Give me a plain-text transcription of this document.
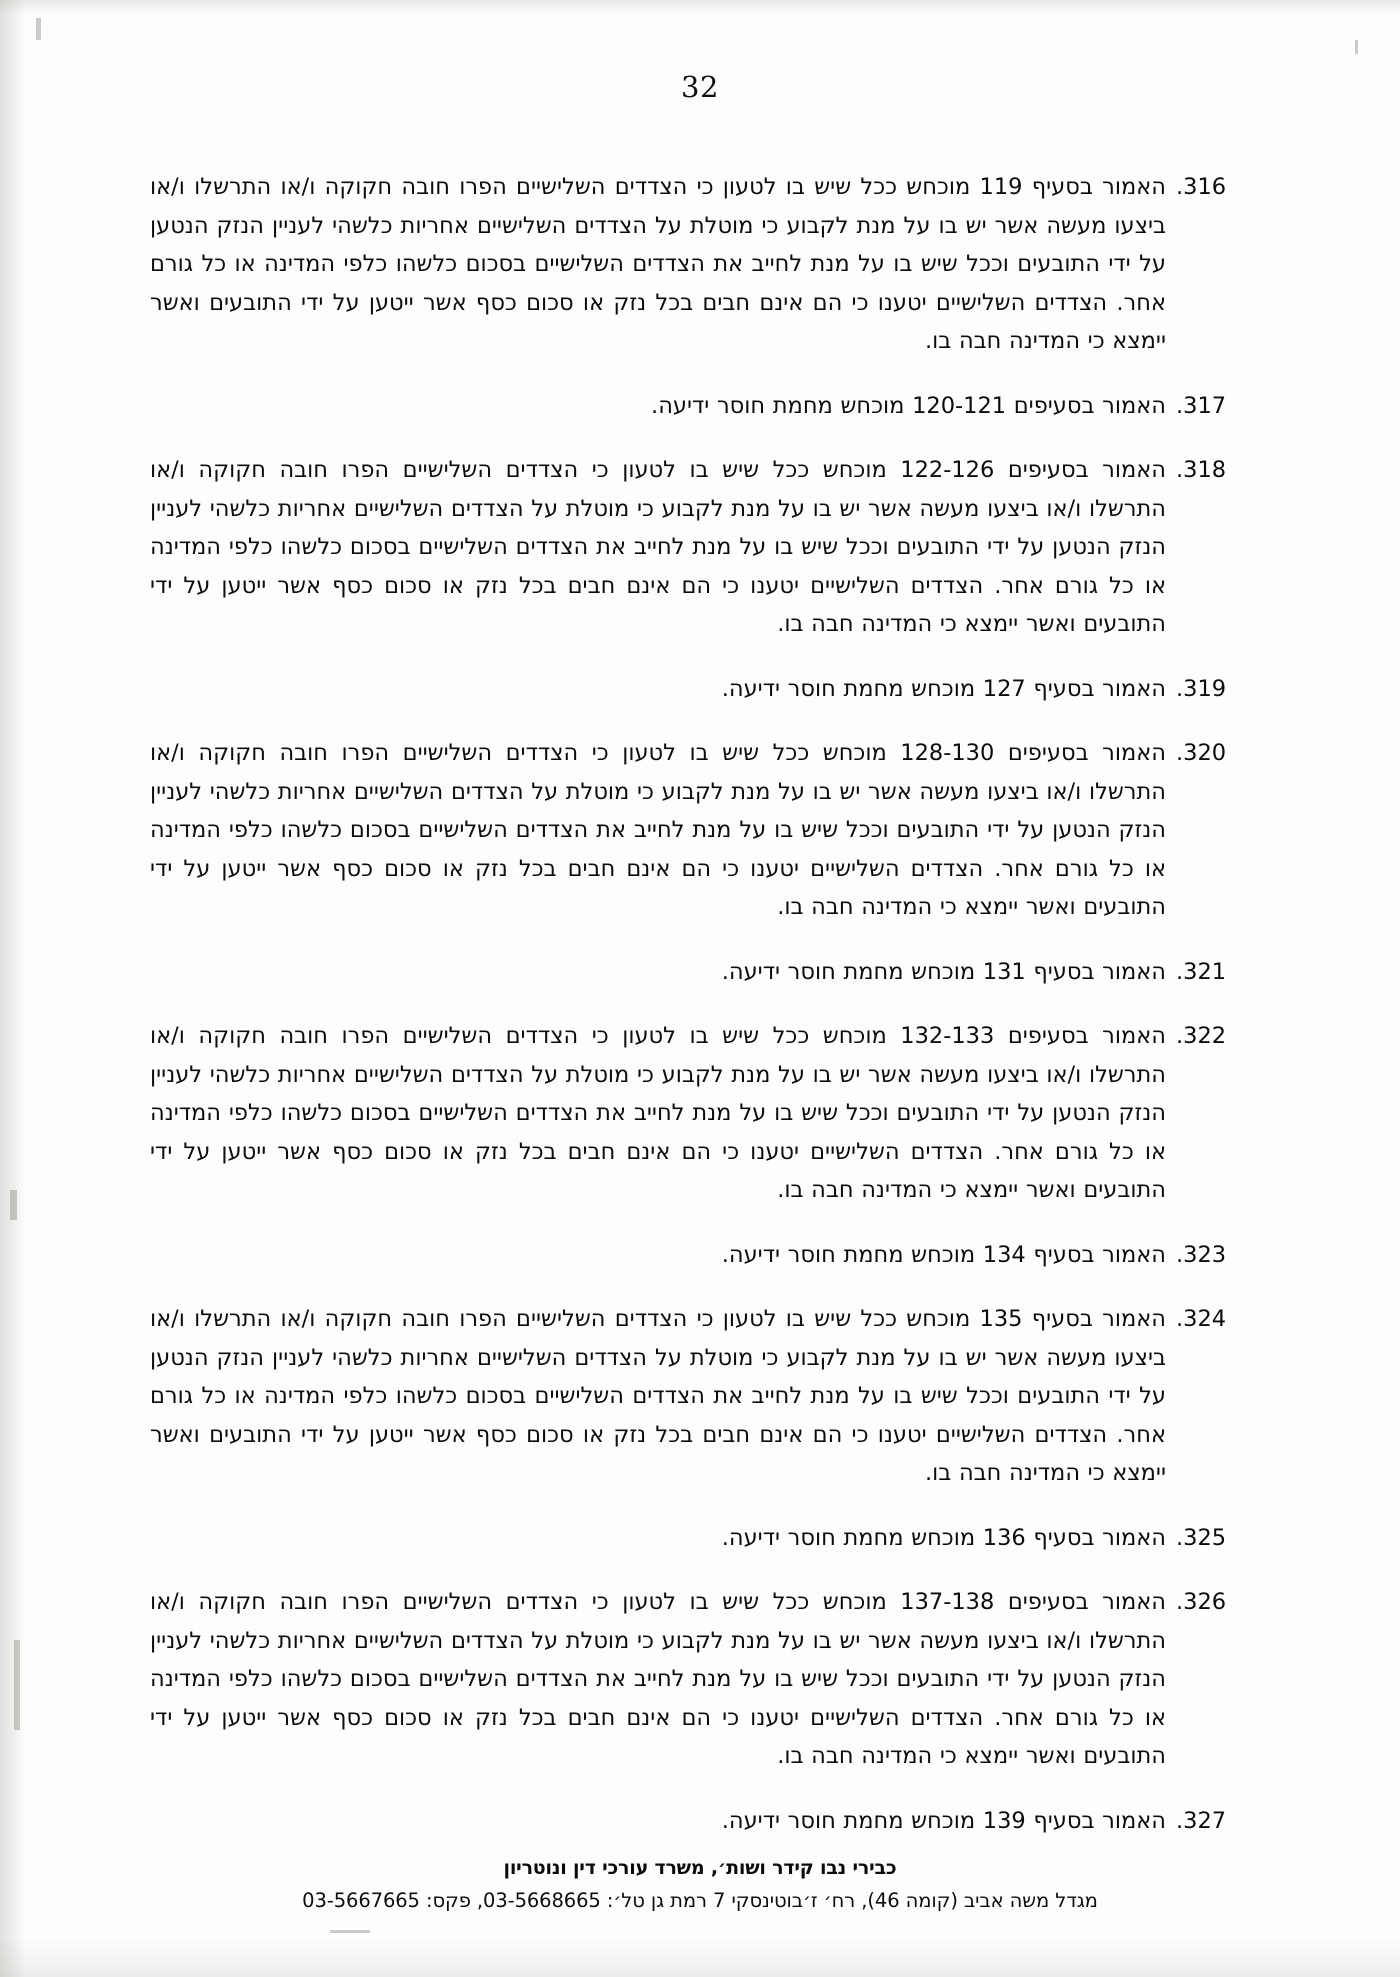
32
316.
האמור בסעיף 119 מוכחש ככל שיש בו לטעון כי הצדדים השלישיים הפרו חובה חקוקה ו/או התרשלו ו/או ביצעו מעשה אשר יש בו על מנת לקבוע כי מוטלת על הצדדים השלישיים אחריות כלשהי לעניין הנזק הנטען על ידי התובעים וככל שיש בו על מנת לחייב את הצדדים השלישיים בסכום כלשהו כלפי המדינה או כל גורם אחר. הצדדים השלישיים יטענו כי הם אינם חבים בכל נזק או סכום כסף אשר ייטען על ידי התובעים ואשר יימצא כי המדינה חבה בו.
317.
האמור בסעיפים 120-121 מוכחש מחמת חוסר ידיעה.
318.
האמור בסעיפים 122-126 מוכחש ככל שיש בו לטעון כי הצדדים השלישיים הפרו חובה חקוקה ו/או התרשלו ו/או ביצעו מעשה אשר יש בו על מנת לקבוע כי מוטלת על הצדדים השלישיים אחריות כלשהי לעניין הנזק הנטען על ידי התובעים וככל שיש בו על מנת לחייב את הצדדים השלישיים בסכום כלשהו כלפי המדינה או כל גורם אחר. הצדדים השלישיים יטענו כי הם אינם חבים בכל נזק או סכום כסף אשר ייטען על ידי התובעים ואשר יימצא כי המדינה חבה בו.
319.
האמור בסעיף 127 מוכחש מחמת חוסר ידיעה.
320.
האמור בסעיפים 128-130 מוכחש ככל שיש בו לטעון כי הצדדים השלישיים הפרו חובה חקוקה ו/או התרשלו ו/או ביצעו מעשה אשר יש בו על מנת לקבוע כי מוטלת על הצדדים השלישיים אחריות כלשהי לעניין הנזק הנטען על ידי התובעים וככל שיש בו על מנת לחייב את הצדדים השלישיים בסכום כלשהו כלפי המדינה או כל גורם אחר. הצדדים השלישיים יטענו כי הם אינם חבים בכל נזק או סכום כסף אשר ייטען על ידי התובעים ואשר יימצא כי המדינה חבה בו.
321.
האמור בסעיף 131 מוכחש מחמת חוסר ידיעה.
322.
האמור בסעיפים 132-133 מוכחש ככל שיש בו לטעון כי הצדדים השלישיים הפרו חובה חקוקה ו/או התרשלו ו/או ביצעו מעשה אשר יש בו על מנת לקבוע כי מוטלת על הצדדים השלישיים אחריות כלשהי לעניין הנזק הנטען על ידי התובעים וככל שיש בו על מנת לחייב את הצדדים השלישיים בסכום כלשהו כלפי המדינה או כל גורם אחר. הצדדים השלישיים יטענו כי הם אינם חבים בכל נזק או סכום כסף אשר ייטען על ידי התובעים ואשר יימצא כי המדינה חבה בו.
323.
האמור בסעיף 134 מוכחש מחמת חוסר ידיעה.
324.
האמור בסעיף 135 מוכחש ככל שיש בו לטעון כי הצדדים השלישיים הפרו חובה חקוקה ו/או התרשלו ו/או ביצעו מעשה אשר יש בו על מנת לקבוע כי מוטלת על הצדדים השלישיים אחריות כלשהי לעניין הנזק הנטען על ידי התובעים וככל שיש בו על מנת לחייב את הצדדים השלישיים בסכום כלשהו כלפי המדינה או כל גורם אחר. הצדדים השלישיים יטענו כי הם אינם חבים בכל נזק או סכום כסף אשר ייטען על ידי התובעים ואשר יימצא כי המדינה חבה בו.
325.
האמור בסעיף 136 מוכחש מחמת חוסר ידיעה.
326.
האמור בסעיפים 137-138 מוכחש ככל שיש בו לטעון כי הצדדים השלישיים הפרו חובה חקוקה ו/או התרשלו ו/או ביצעו מעשה אשר יש בו על מנת לקבוע כי מוטלת על הצדדים השלישיים אחריות כלשהי לעניין הנזק הנטען על ידי התובעים וככל שיש בו על מנת לחייב את הצדדים השלישיים בסכום כלשהו כלפי המדינה או כל גורם אחר. הצדדים השלישיים יטענו כי הם אינם חבים בכל נזק או סכום כסף אשר ייטען על ידי התובעים ואשר יימצא כי המדינה חבה בו.
327.
האמור בסעיף 139 מוכחש מחמת חוסר ידיעה.
כבירי נבו קידר ושות׳, משרד עורכי דין ונוטריון
מגדל משה אביב (קומה 46), רח׳ ז׳בוטינסקי 7 רמת גן טל׳: 03-5668665, פקס: 03-5667665
